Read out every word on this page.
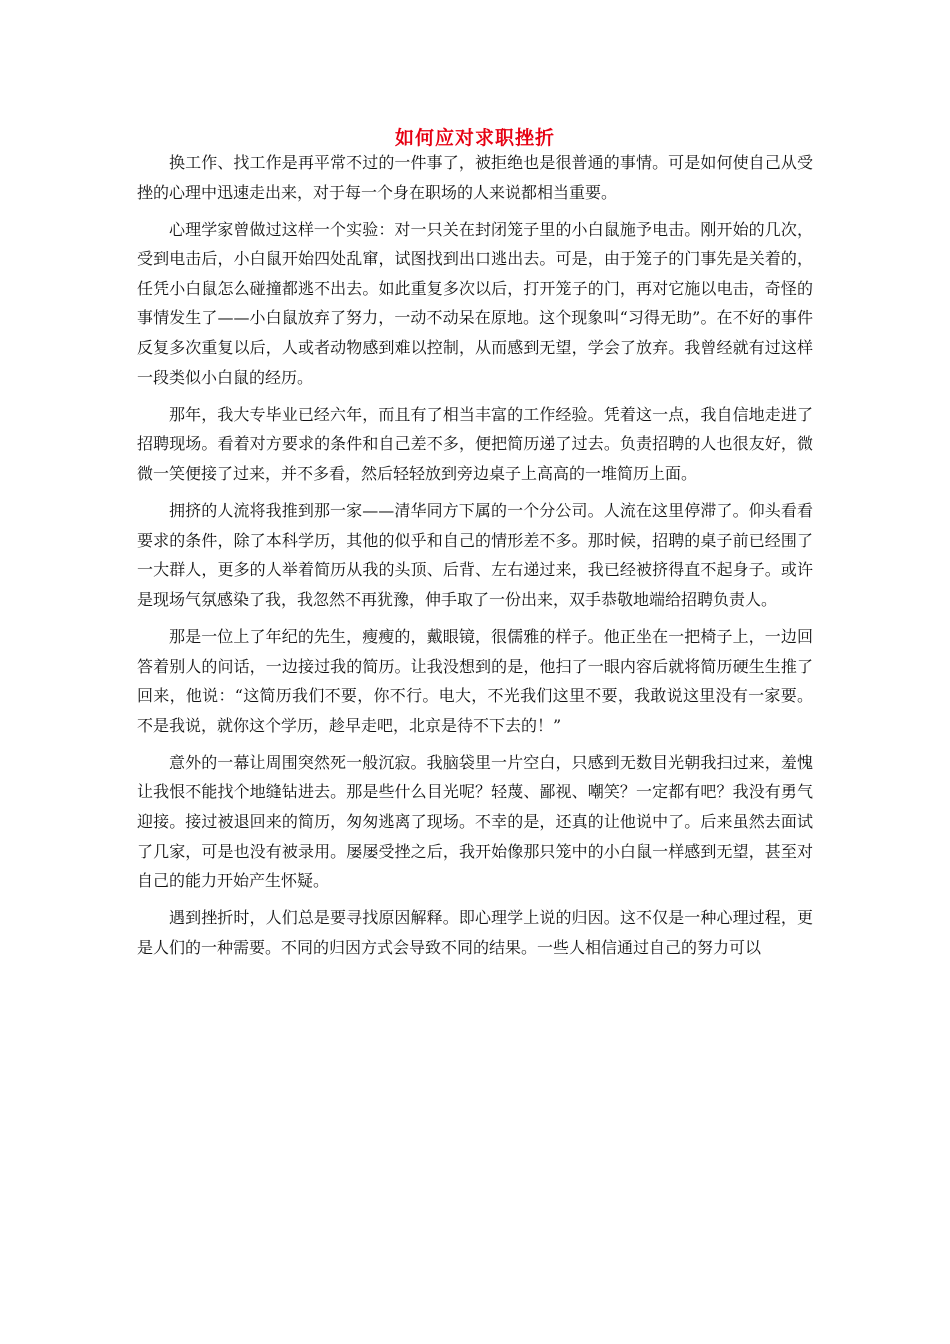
如何应对求职挫折

换工作、找工作是再平常不过的一件事了，被拒绝也是很普通的事情。可是如何使自己从受挫的心理中迅速走出来，对于每一个身在职场的人来说都相当重要。

心理学家曾做过这样一个实验：对一只关在封闭笼子里的小白鼠施予电击。刚开始的几次，受到电击后，小白鼠开始四处乱窜，试图找到出口逃出去。可是，由于笼子的门事先是关着的，任凭小白鼠怎么碰撞都逃不出去。如此重复多次以后，打开笼子的门，再对它施以电击，奇怪的事情发生了——小白鼠放弃了努力，一动不动呆在原地。这个现象叫“习得无助”。在不好的事件反复多次重复以后，人或者动物感到难以控制，从而感到无望，学会了放弃。我曾经就有过这样一段类似小白鼠的经历。

那年，我大专毕业已经六年，而且有了相当丰富的工作经验。凭着这一点，我自信地走进了招聘现场。看着对方要求的条件和自己差不多，便把简历递了过去。负责招聘的人也很友好，微微一笑便接了过来，并不多看，然后轻轻放到旁边桌子上高高的一堆简历上面。

拥挤的人流将我推到那一家——清华同方下属的一个分公司。人流在这里停滞了。仰头看看要求的条件，除了本科学历，其他的似乎和自己的情形差不多。那时候，招聘的桌子前已经围了一大群人，更多的人举着简历从我的头顶、后背、左右递过来，我已经被挤得直不起身子。或许是现场气氛感染了我，我忽然不再犹豫，伸手取了一份出来，双手恭敬地端给招聘负责人。

那是一位上了年纪的先生，瘦瘦的，戴眼镜，很儒雅的样子。他正坐在一把椅子上，一边回答着别人的问话，一边接过我的简历。让我没想到的是，他扫了一眼内容后就将简历硬生生推了回来，他说：“这简历我们不要，你不行。电大，不光我们这里不要，我敢说这里没有一家要。不是我说，就你这个学历，趁早走吧，北京是待不下去的！”

意外的一幕让周围突然死一般沉寂。我脑袋里一片空白，只感到无数目光朝我扫过来，羞愧让我恨不能找个地缝钻进去。那是些什么目光呢？轻蔑、鄙视、嘲笑？一定都有吧？我没有勇气迎接。接过被退回来的简历，匆匆逃离了现场。不幸的是，还真的让他说中了。后来虽然去面试了几家，可是也没有被录用。屡屡受挫之后，我开始像那只笼中的小白鼠一样感到无望，甚至对自己的能力开始产生怀疑。

遇到挫折时，人们总是要寻找原因解释。即心理学上说的归因。这不仅是一种心理过程，更是人们的一种需要。不同的归因方式会导致不同的结果。一些人相信通过自己的努力可以
